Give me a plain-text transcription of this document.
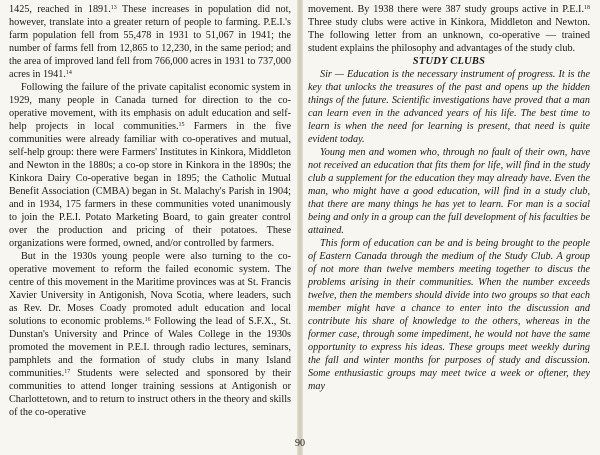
1425, reached in 1891.13 These increases in population did not, however, translate into a greater return of people to farming. P.E.I.'s farm population fell from 55,478 in 1931 to 51,067 in 1941; the number of farms fell from 12,865 to 12,230, in the same period; and the area of improved land fell from 766,000 acres in 1931 to 737,000 acres in 1941.14

Following the failure of the private capitalist economic system in 1929, many people in Canada turned for direction to the co-operative movement, with its emphasis on adult education and self-help projects in local communities.$^{15}$ Farmers in the five communities were already familiar with co-operatives and mutual, self-help group: there were Farmers' Institutes in Kinkora, Middleton and Newton in the 1880s; a co-op store in Kinkora in the 1890s; the Kinkora Dairy Co-operative began in 1895; the Catholic Mutual Benefit Association (CMBA) began in St. Malachy's Parish in 1904; and in 1934, 175 farmers in these communities voted unanimously to join the P.E.I. Potato Marketing Board, to gain greater control over the production and pricing of their potatoes. These organizations were formed, owned, and/or controlled by farmers.

But in the 1930s young people were also turning to the co-operative movement to reform the failed economic system. The centre of this movement in the Maritime provinces was at St. Francis Xavier University in Antigonish, Nova Scotia, where leaders, such as Rev. Dr. Moses Coady promoted adult education and local solutions to economic problems.$^{16}$ Following the lead of S.F.X., St. Dunstan's University and Prince of Wales College in the 1930s promoted the movement in P.E.I. through radio lectures, seminars, pamphlets and the formation of study clubs in many Island communities.$^{17}$ Students were selected and sponsored by their communities to attend longer training sessions at Antigonish or Charlottetown, and to return to instruct others in the theory and skills of the co-operative

movement. By 1938 there were 387 study groups active in P.E.I.$^{18}$ Three study clubs were active in Kinkora, Middleton and Newton. The following letter from an unknown, co-operative — trained student explains the philosophy and advantages of the study club.

STUDY CLUBS

Sir — Education is the necessary instrument of progress. It is the key that unlocks the treasures of the past and opens up the hidden things of the future. Scientific investigations have proved that a man can learn even in the advanced years of his life. The best time to learn is when the need for learning is present, that need is quite evident today.

Young men and women who, through no fault of their own, have not received an education that fits them for life, will find in the study club a supplement for the education they may already have. Even the man, who might have a good education, will find in a study club, that there are many things he has yet to learn. For man is a social being and only in a group can the full development of his faculties be attained.

This form of education can be and is being brought to the people of Eastern Canada through the medium of the Study Club. A group of not more than twelve members meeting together to discus the problems arising in their communities. When the number exceeds twelve, then the members should divide into two groups so that each member might have a chance to enter into the discussion and contribute his share of knowledge to the others, whereas in the former case, through some impediment, he would not have the same opportunity to express his ideas. These groups meet weekly during the fall and winter months for purposes of study and discussion. Some enthusiastic groups may meet twice a week or oftener, they may

90
